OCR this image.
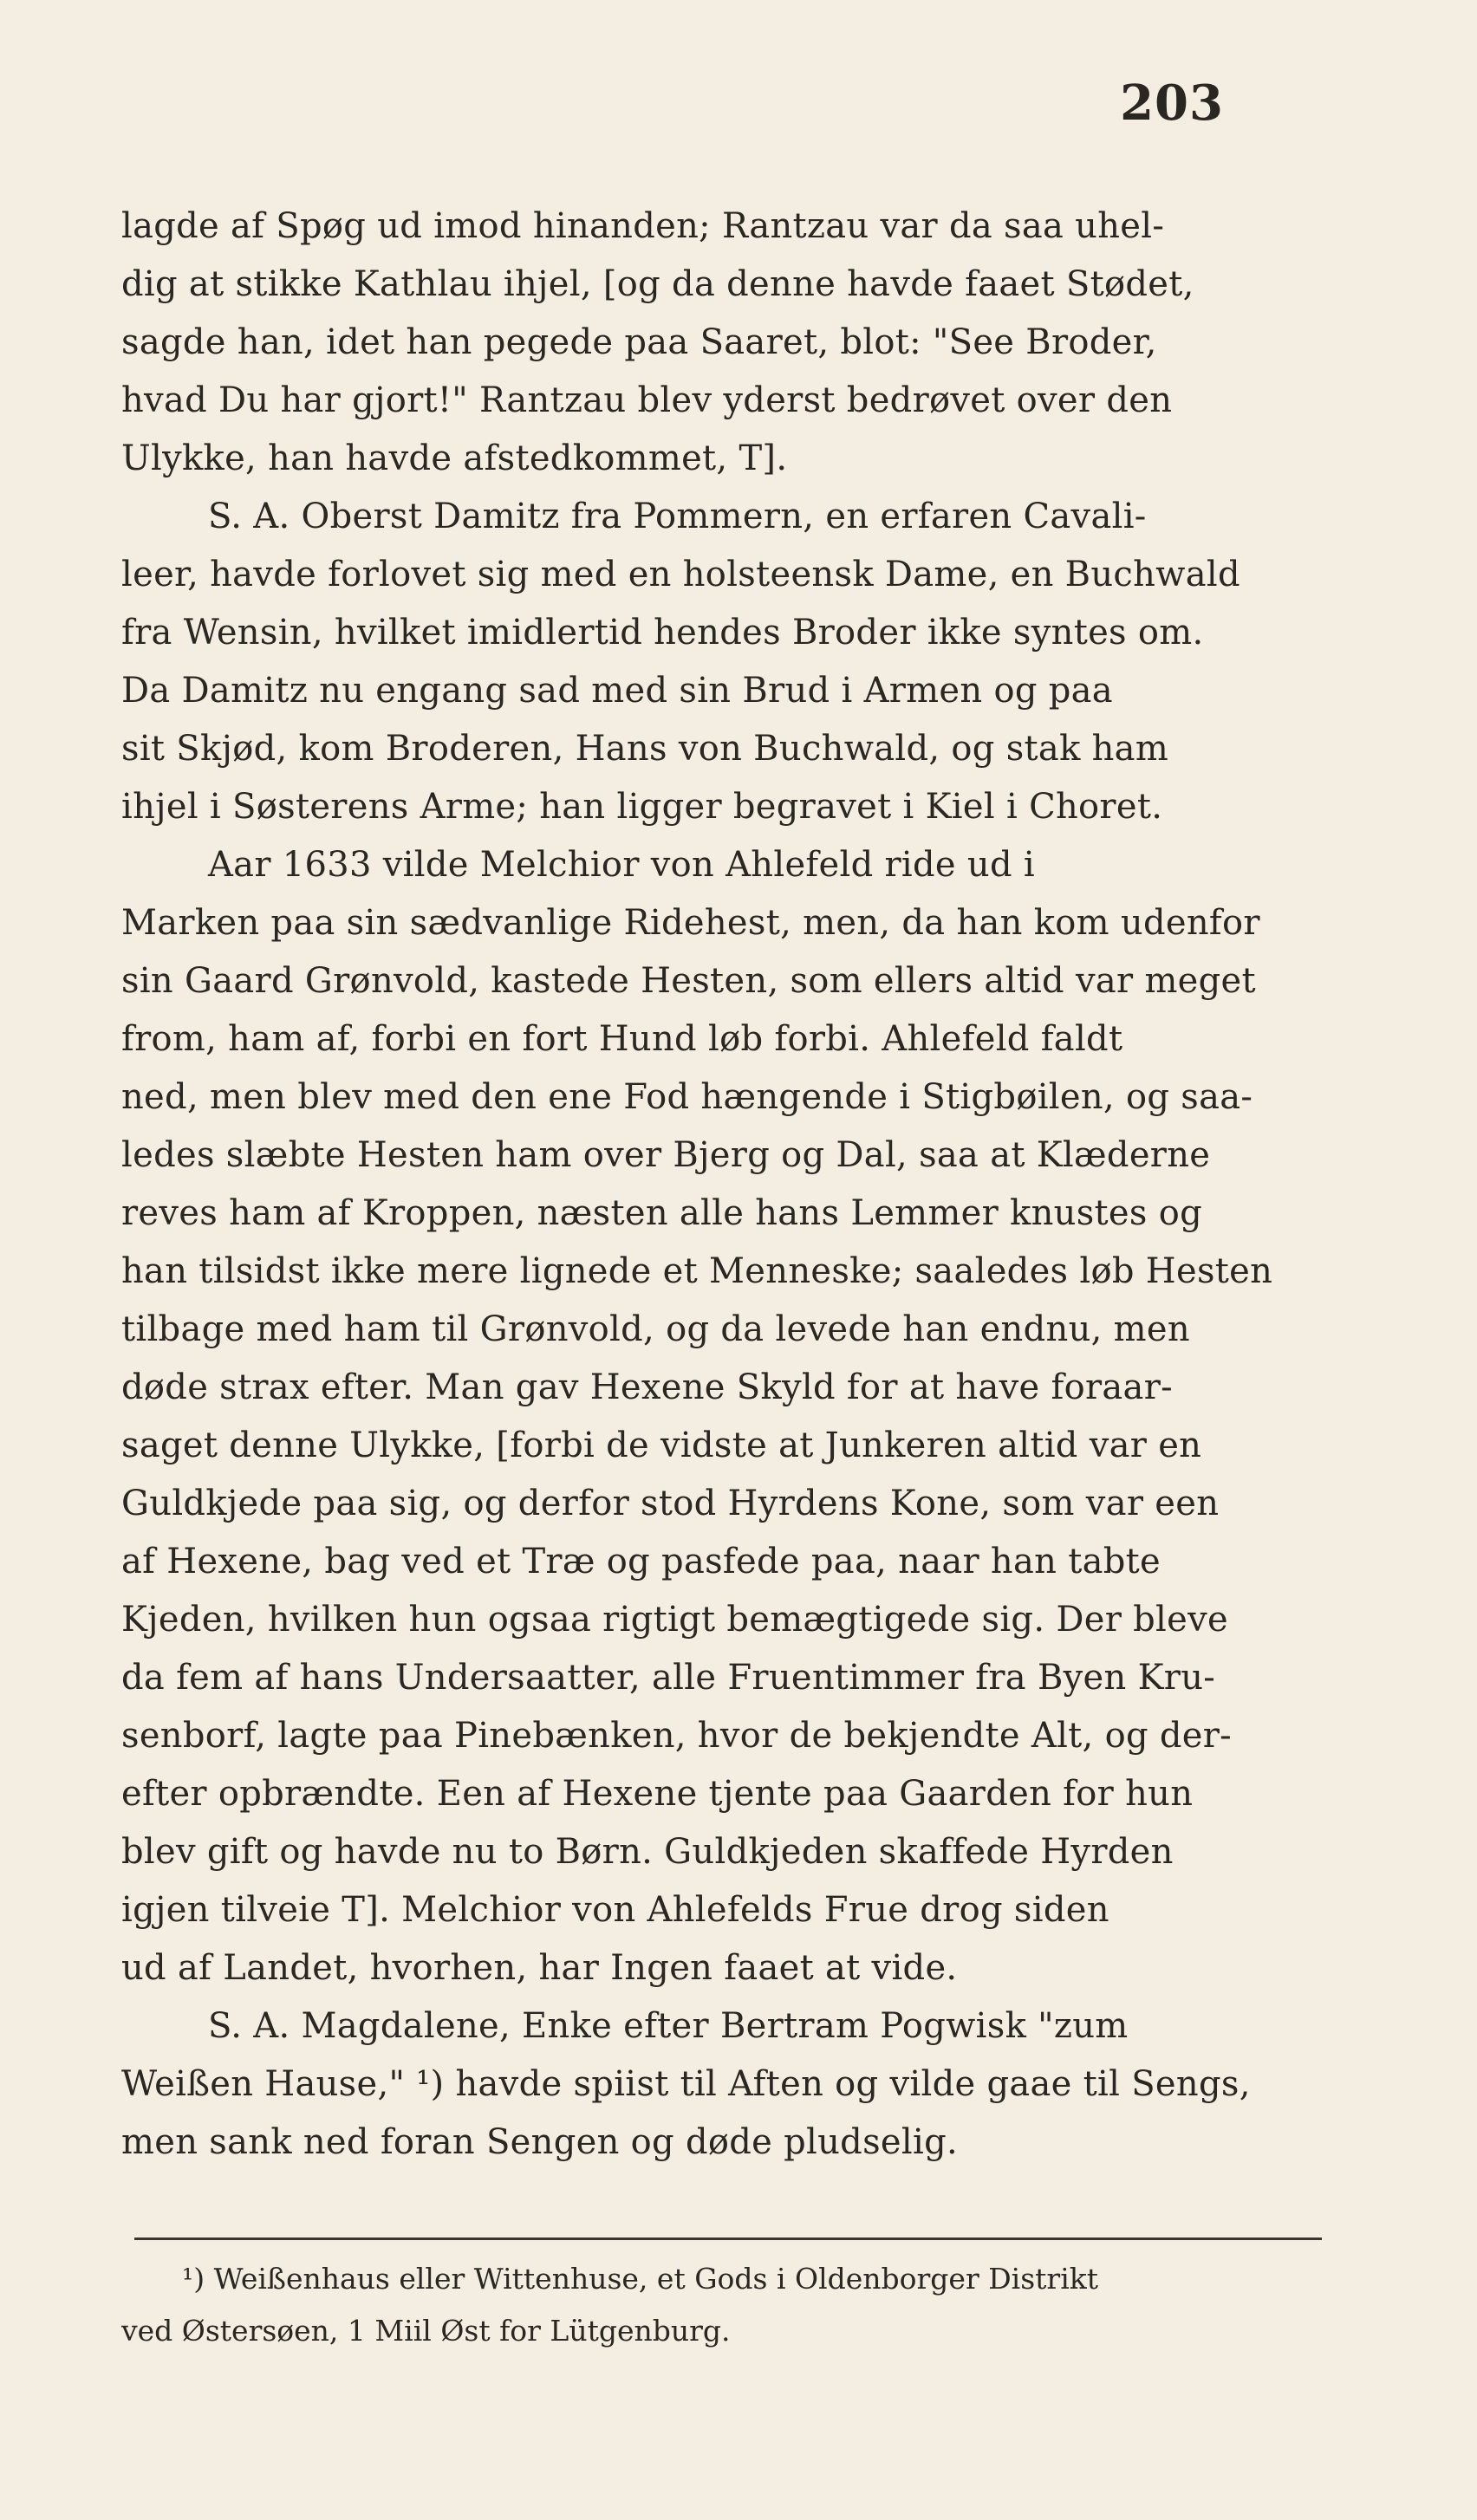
203
lagde af Spøg ud imod hinanden; Rantzau var da saa uhel-
dig at stikke Kathlau ihjel, [og da denne havde faaet Stødet,
sagde han, idet han pegede paa Saaret, blot: "See Broder,
hvad Du har gjort!" Rantzau blev yderst bedrøvet over den
Ulykke, han havde afstedkommet, T].
S. A. Oberst Damitz fra Pommern, en erfaren Cavali-
leer, havde forlovet sig med en holsteensk Dame, en Buchwald
fra Wensin, hvilket imidlertid hendes Broder ikke syntes om.
Da Damitz nu engang sad med sin Brud i Armen og paa
sit Skjød, kom Broderen, Hans von Buchwald, og stak ham
ihjel i Søsterens Arme; han ligger begravet i Kiel i Choret.
Aar 1633 vilde Melchior von Ahlefeld ride ud i
Marken paa sin sædvanlige Ridehest, men, da han kom udenfor
sin Gaard Grønvold, kastede Hesten, som ellers altid var meget
from, ham af, forbi en fort Hund løb forbi. Ahlefeld faldt
ned, men blev med den ene Fod hængende i Stigbøilen, og saa-
ledes slæbte Hesten ham over Bjerg og Dal, saa at Klæderne
reves ham af Kroppen, næsten alle hans Lemmer knustes og
han tilsidst ikke mere lignede et Menneske; saaledes løb Hesten
tilbage med ham til Grønvold, og da levede han endnu, men
døde strax efter. Man gav Hexene Skyld for at have foraar-
saget denne Ulykke, [forbi de vidste at Junkeren altid var en
Guldkjede paa sig, og derfor stod Hyrdens Kone, som var een
af Hexene, bag ved et Træ og pasfede paa, naar han tabte
Kjeden, hvilken hun ogsaa rigtigt bemægtigede sig. Der bleve
da fem af hans Undersaatter, alle Fruentimmer fra Byen Kru-
senborf, lagte paa Pinebænken, hvor de bekjendte Alt, og der-
efter opbrændte. Een af Hexene tjente paa Gaarden for hun
blev gift og havde nu to Børn. Guldkjeden skaffede Hyrden
igjen tilveie T]. Melchior von Ahlefelds Frue drog siden
ud af Landet, hvorhen, har Ingen faaet at vide.
S. A. Magdalene, Enke efter Bertram Pogwisk "zum
Weißen Hause," ¹) havde spiist til Aften og vilde gaae til Sengs,
men sank ned foran Sengen og døde pludselig.
¹) Weißenhaus eller Wittenhuse, et Gods i Oldenborger Distrikt
ved Østersøen, 1 Miil Øst for Lütgenburg.
